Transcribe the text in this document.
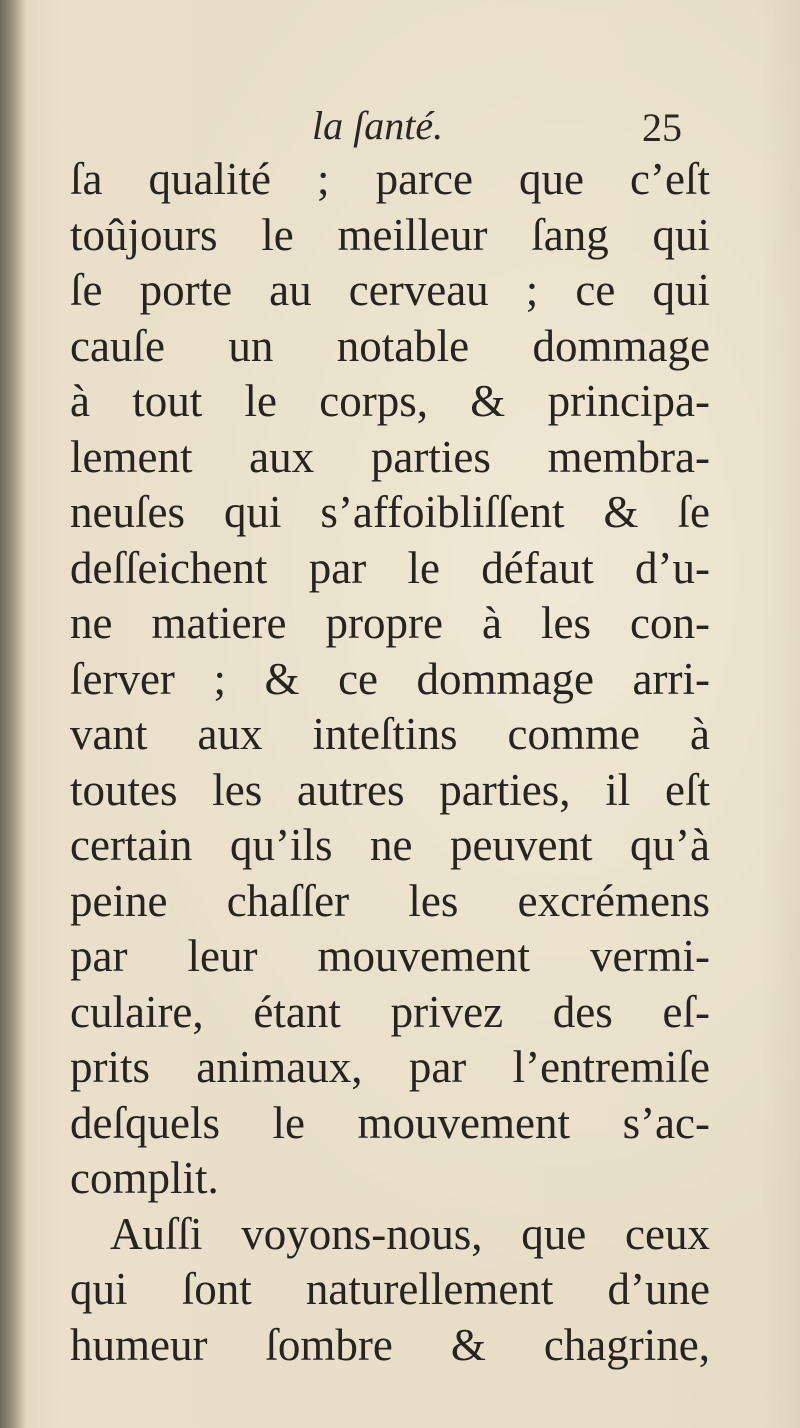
la ſanté.	25
ſa qualité ; parce que c’eſt
toûjours le meilleur ſang qui
ſe porte au cerveau ; ce qui
cauſe un notable dommage
à tout le corps, & principa-
lement aux parties membra-
neuſes qui s’affoibliſſent & ſe
deſſeichent par le défaut d’u-
ne matiere propre à les con-
ſerver ; & ce dommage arri-
vant aux inteſtins comme à
toutes les autres parties, il eſt
certain qu’ils ne peuvent qu’à
peine chaſſer les excrémens
par leur mouvement vermi-
culaire, étant privez des eſ-
prits animaux, par l’entremiſe
deſquels le mouvement s’ac-
complit.
Auſſi voyons-nous, que ceux
qui ſont naturellement d’une
humeur ſombre & chagrine,
